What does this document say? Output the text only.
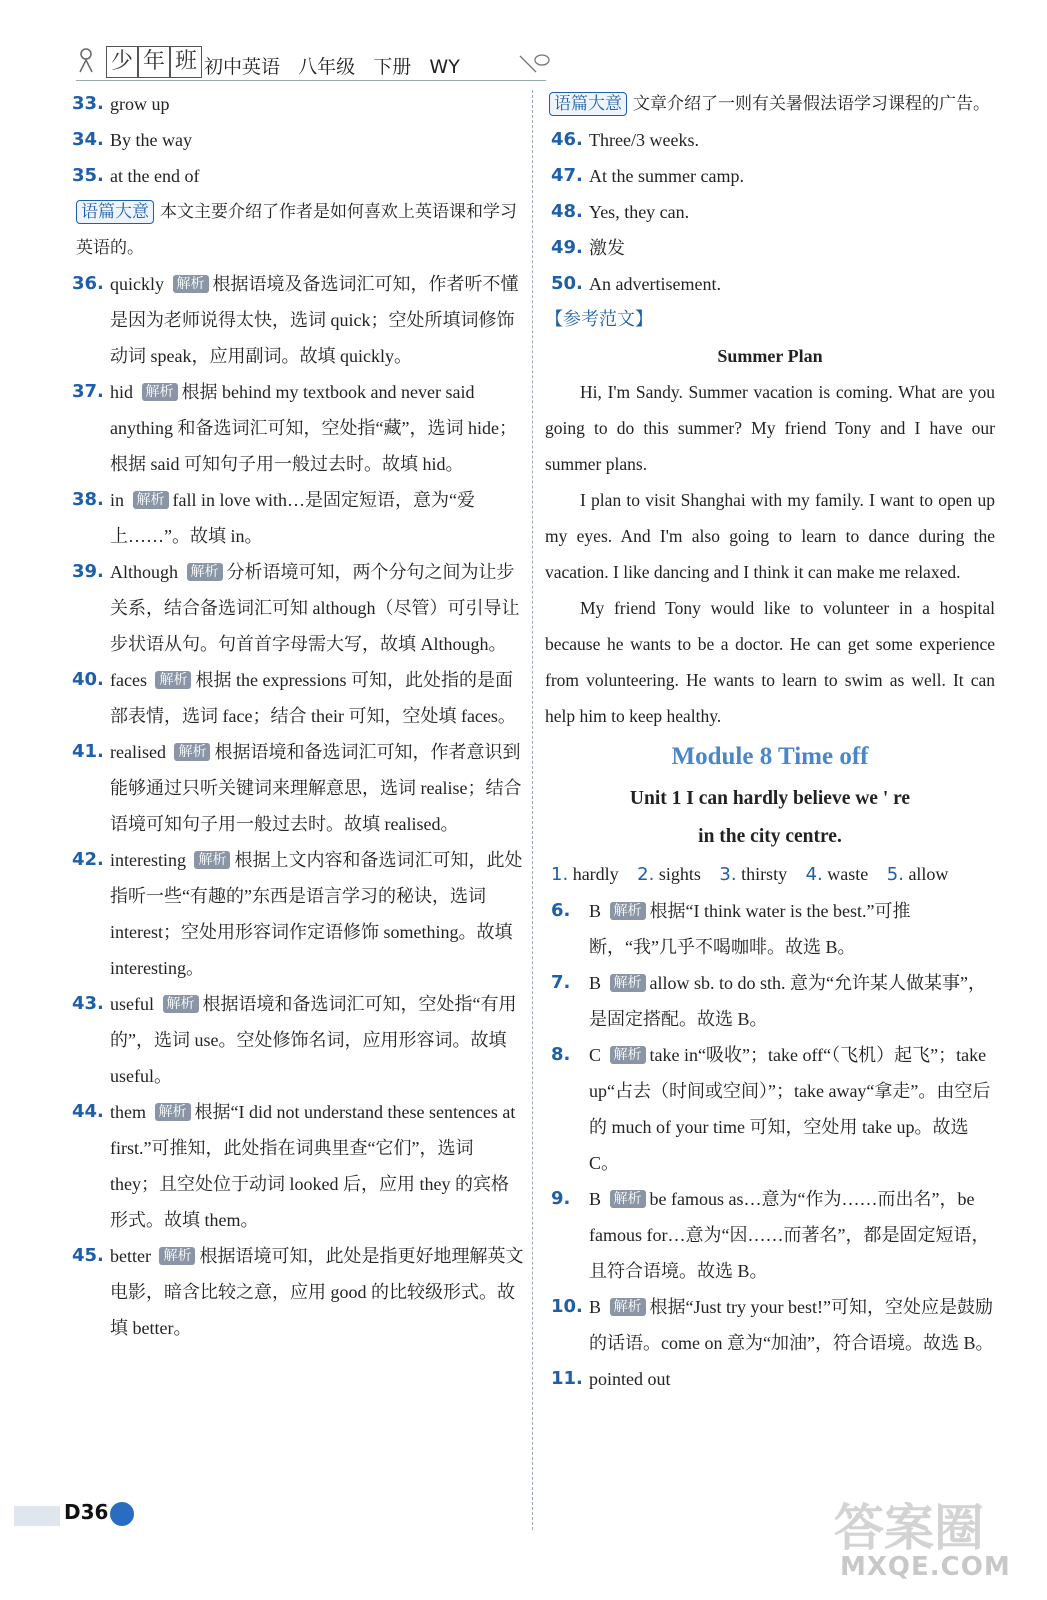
少 年 班 初中英语 八年级 下册 WY
33. grow up
34. By the way
35. at the end of
语篇大意 本文主要介绍了作者是如何喜欢上英语课和学习英语的。
36. quickly 解析 根据语境及备选词汇可知，作者听不懂是因为老师说得太快，选词 quick；空处所填词修饰动词 speak，应用副词。故填 quickly。
37. hid 解析 根据 behind my textbook and never said anything 和备选词汇可知，空处指“藏”，选词 hide；根据 said 可知句子用一般过去时。故填 hid。
38. in 解析 fall in love with…是固定短语，意为“爱上……”。故填 in。
39. Although 解析 分析语境可知，两个分句之间为让步关系，结合备选词汇可知 although（尽管）可引导让步状语从句。句首首字母需大写，故填 Although。
40. faces 解析 根据 the expressions 可知，此处指的是面部表情，选词 face；结合 their 可知，空处填 faces。
41. realised 解析 根据语境和备选词汇可知，作者意识到能够通过只听关键词来理解意思，选词 realise；结合语境可知句子用一般过去时。故填 realised。
42. interesting 解析 根据上文内容和备选词汇可知，此处指听一些“有趣的”东西是语言学习的秘诀，选词 interest；空处用形容词作定语修饰 something。故填 interesting。
43. useful 解析 根据语境和备选词汇可知，空处指“有用的”，选词 use。空处修饰名词，应用形容词。故填 useful。
44. them 解析 根据“I did not understand these sentences at first.”可推知，此处指在词典里查“它们”，选词 they；且空处位于动词 looked 后，应用 they 的宾格形式。故填 them。
45. better 解析 根据语境可知，此处是指更好地理解英文电影，暗含比较之意，应用 good 的比较级形式。故填 better。
语篇大意 文章介绍了一则有关暑假法语学习课程的广告。
46. Three/3 weeks.
47. At the summer camp.
48. Yes, they can.
49. 激发
50. An advertisement.
【参考范文】
Summer Plan
Hi, I'm Sandy. Summer vacation is coming. What are you going to do this summer? My friend Tony and I have our summer plans.
I plan to visit Shanghai with my family. I want to open up my eyes. And I'm also going to learn to dance during the vacation. I like dancing and I think it can make me relaxed.
My friend Tony would like to volunteer in a hospital because he wants to be a doctor. He can get some experience from volunteering. He wants to learn to swim as well. It can help him to keep healthy.
Module 8 Time off
Unit 1 I can hardly believe we ' re
in the city centre.
1. hardly 2. sights 3. thirsty 4. waste 5. allow
6. B 解析 根据“I think water is the best.”可推断，“我”几乎不喝咖啡。故选 B。
7. B 解析 allow sb. to do sth. 意为“允许某人做某事”，是固定搭配。故选 B。
8. C 解析 take in“吸收”；take off“（飞机）起飞”；take up“占去（时间或空间）”；take away“拿走”。由空后的 much of your time 可知，空处用 take up。故选 C。
9. B 解析 be famous as…意为“作为……而出名”，be famous for…意为“因……而著名”，都是固定短语，且符合语境。故选 B。
10. B 解析 根据“Just try your best!”可知，空处应是鼓励的话语。come on 意为“加油”，符合语境。故选 B。
11. pointed out
D36	答案圈
MXQE.COM
